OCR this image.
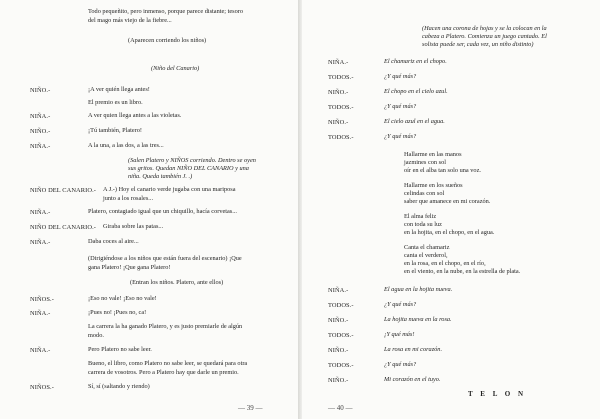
Todo pequeñito, pero inmenso, porque parece distante; tesoro
del mago más viejo de la fiebre...
(Aparecen corriendo los niños)
(Niño del Canario)
NIÑO.-	¡A ver quién llega antes!
El premio es un libro.
NIÑA.-	A ver quien llega antes a las violetas.
NIÑO.-	¡Tú también, Platero!
NIÑA.-	A la una, a las dos, a las tres...
(Salen Platero y NIÑOS corriendo. Dentro se oyen
sus gritos. Quedan NIÑO DEL CANARIO y una
niña. Queda también J. .)
NIÑO DEL CANARIO.- A J.-) Hoy el canario verde jugaba con una mariposa
junto a los rosales...
NIÑA.-	Platero, contagiado igual que un chiquillo, hacía corvetas...
NIÑO DEL CANARIO.- Giraba sobre las patas...
NIÑA.-	Daba coces al aire...
(Dirigiéndose a los niños que están fuera del escenario) ¡Que
gana Platero! ¡Que gana Platero!
(Entran los niños. Platero, ante ellos)
NIÑOS.-	¡Eso no vale! ¡Eso no vale!
NIÑA.-	¡Pues no! ¡Pues no, ca!
La carrera la ha ganado Platero, y es justo premiarle de algún
modo.
NIÑA.-	Pero Platero no sabe leer.
Bueno, el libro, como Platero no sabe leer, se quedará para otra
carrera de vosotros. Pero a Platero hay que darle un premio.
NIÑOS.-	Sí, sí (saltando y riendo)
— 39 —
(Hacen una corona de hojas y se la colocan en la
cabeza a Platero. Comienza un juego cantado. El
solista puede ser, cada vez, un niño distinto)
NIÑA.-	El chamariz en el chopo.
TODOS.-	¿Y qué más?
NIÑO.-	El chopo en el cielo azul.
TODOS.-	¿Y qué más?
NIÑO.-	El cielo azul en el agua.
TODOS.-	¿Y qué más?
Hallarme en las manos
jazmines con sol
oír en el alba tan solo una voz.
Hallarme en los sueños
celindas con sol
saber que amanece en mi corazón.
El alma feliz
con toda su luz
en la hojita, en el chopo, en el agua.
Canta el chamariz
canta el verderol,
en la rosa, en el chopo, en el río,
en el viento, en la nube, en la estrella de plata.
NIÑA.-	El agua en la hojita nueva.
TODOS.-	¿Y qué más?
NIÑO.-	La hojita nueva en la rosa.
TODOS.-	¡Y qué más!
NIÑO.-	La rosa en mi corazón.
TODOS.-	¿Y qué más?
NIÑO.-	Mi corazón en el tuyo.
T E L O N
— 40 —
